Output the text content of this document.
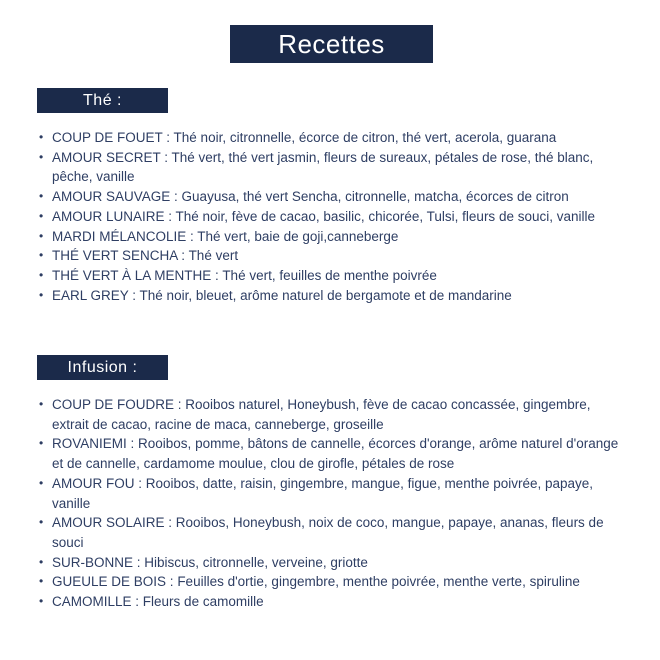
Recettes
Thé :
• COUP DE FOUET : Thé noir, citronnelle, écorce de citron, thé vert, acerola, guarana
• AMOUR SECRET : Thé vert, thé vert jasmin, fleurs de sureaux, pétales de rose, thé blanc, pêche, vanille
• AMOUR SAUVAGE : Guayusa, thé vert Sencha, citronnelle, matcha, écorces de citron
• AMOUR LUNAIRE : Thé noir, fève de cacao, basilic, chicorée, Tulsi, fleurs de souci, vanille
• MARDI MÉLANCOLIE : Thé vert, baie de goji,canneberge
• THÉ VERT SENCHA : Thé vert
• THÉ VERT À LA MENTHE : Thé vert, feuilles de menthe poivrée
• EARL GREY : Thé noir, bleuet, arôme naturel de bergamote et de mandarine
Infusion :
• COUP DE FOUDRE : Rooibos naturel, Honeybush, fève de cacao concassée, gingembre, extrait de cacao, racine de maca, canneberge, groseille
• ROVANIEMI : Rooibos, pomme, bâtons de cannelle, écorces d'orange, arôme naturel d'orange et de cannelle, cardamome moulue, clou de girofle, pétales de rose
• AMOUR FOU : Rooibos, datte, raisin, gingembre, mangue, figue, menthe poivrée, papaye, vanille
• AMOUR SOLAIRE : Rooibos, Honeybush, noix de coco, mangue, papaye, ananas, fleurs de souci
• SUR-BONNE : Hibiscus, citronnelle, verveine, griotte
• GUEULE DE BOIS : Feuilles d'ortie, gingembre, menthe poivrée, menthe verte, spiruline
• CAMOMILLE : Fleurs de camomille
